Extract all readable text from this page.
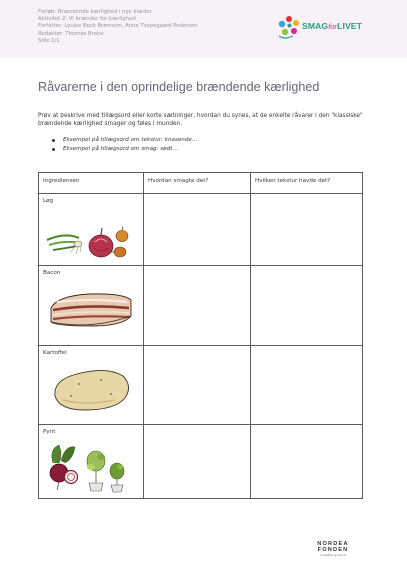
Forløb: Brændende kærlighed i nye klæder
Aktivitet 2: Vi brænder for kærlighed
Forfatter: Louise Beck Brønnum, Anne Tvspegaard Pedersen
Redaktør: Thomas Brahe
Side 1/1
SMAGforLIVET
Råvarerne i den oprindelige brændende kærlighed
Prøv at beskrive med tillægsord eller korte sætninger, hvordan du synes, at de enkelte råvarer i den "klassiske" brændende kærlighed smager og føles i munden.
Eksempel på tillægsord om tekstur: knasende…
Eksempel på tillægsord om smag: sødt…
Ingrediensen	Hvordan smagte det?	Hvilken tekstur havde det?

Løg		

Bacon		

Kartoffel		

Pynt		

NORDEA
FONDEN
Vi støtter gode liv
